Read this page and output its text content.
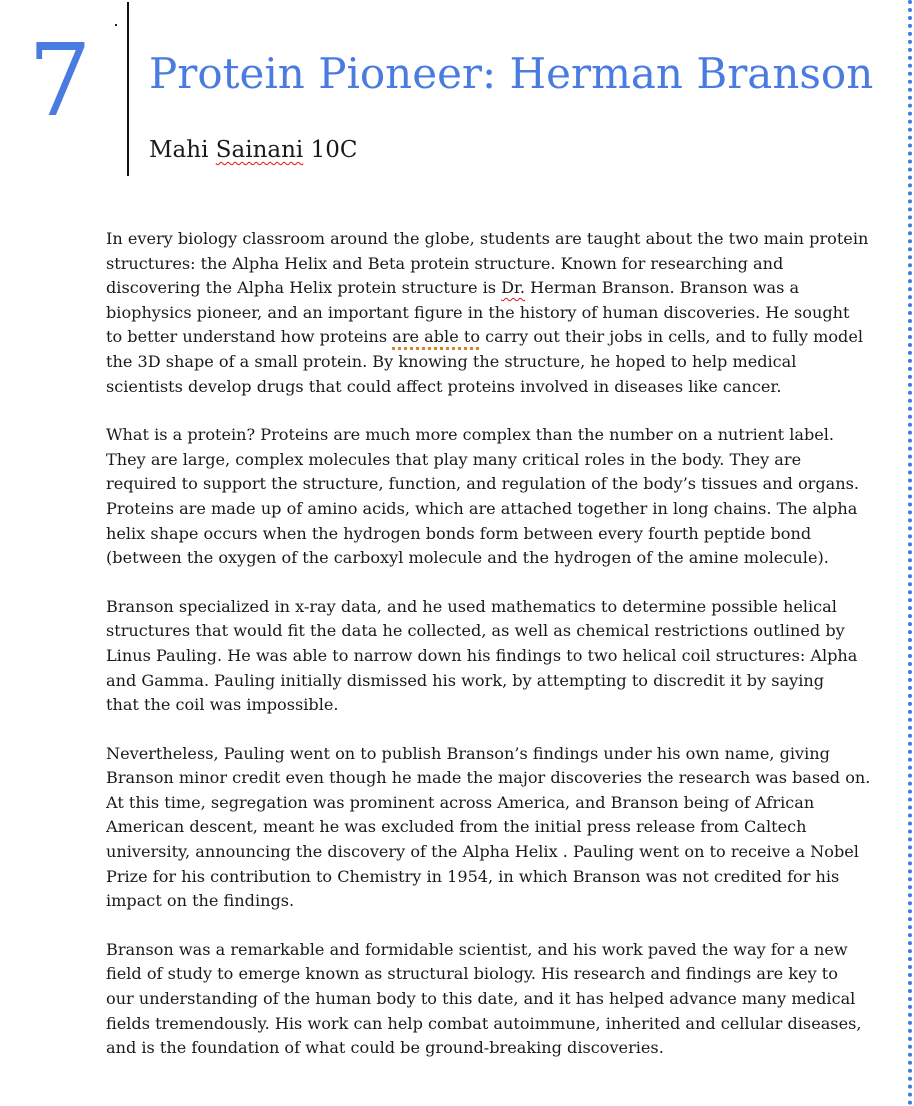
7 Protein Pioneer: Herman Branson
Mahi Sainani 10C

In every biology classroom around the globe, students are taught about the two main protein
structures: the Alpha Helix and Beta protein structure. Known for researching and
discovering the Alpha Helix protein structure is Dr. Herman Branson. Branson was a
biophysics pioneer, and an important figure in the history of human discoveries. He sought
to better understand how proteins are able to carry out their jobs in cells, and to fully model
the 3D shape of a small protein. By knowing the structure, he hoped to help medical
scientists develop drugs that could affect proteins involved in diseases like cancer.

What is a protein? Proteins are much more complex than the number on a nutrient label.
They are large, complex molecules that play many critical roles in the body. They are
required to support the structure, function, and regulation of the body’s tissues and organs.
Proteins are made up of amino acids, which are attached together in long chains. The alpha
helix shape occurs when the hydrogen bonds form between every fourth peptide bond
(between the oxygen of the carboxyl molecule and the hydrogen of the amine molecule).

Branson specialized in x-ray data, and he used mathematics to determine possible helical
structures that would fit the data he collected, as well as chemical restrictions outlined by
Linus Pauling. He was able to narrow down his findings to two helical coil structures: Alpha
and Gamma. Pauling initially dismissed his work, by attempting to discredit it by saying
that the coil was impossible.

Nevertheless, Pauling went on to publish Branson’s findings under his own name, giving
Branson minor credit even though he made the major discoveries the research was based on.
At this time, segregation was prominent across America, and Branson being of African
American descent, meant he was excluded from the initial press release from Caltech
university, announcing the discovery of the Alpha Helix . Pauling went on to receive a Nobel
Prize for his contribution to Chemistry in 1954, in which Branson was not credited for his
impact on the findings.

Branson was a remarkable and formidable scientist, and his work paved the way for a new
field of study to emerge known as structural biology. His research and findings are key to
our understanding of the human body to this date, and it has helped advance many medical
fields tremendously. His work can help combat autoimmune, inherited and cellular diseases,
and is the foundation of what could be ground-breaking discoveries.
